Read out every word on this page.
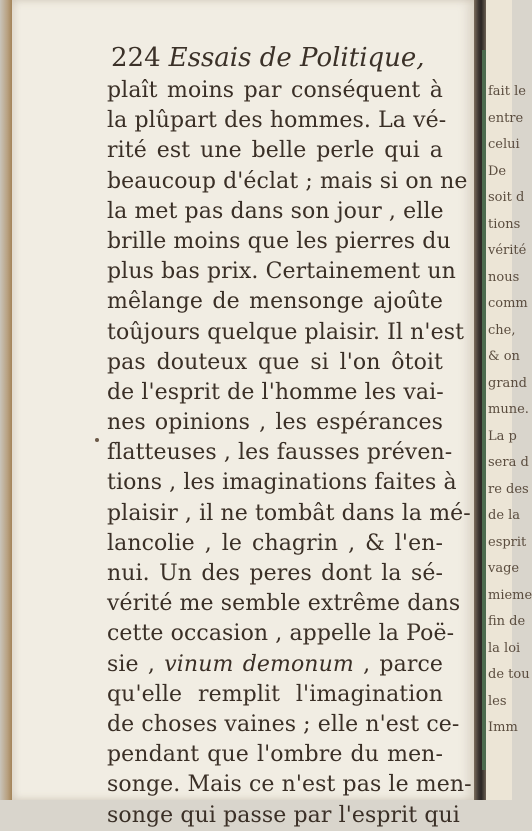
224 Essais de Politique,
plaît moins par conséquent à
la plûpart des hommes. La vé-
rité est une belle perle qui a
beaucoup d'éclat ; mais si on ne
la met pas dans son jour , elle
brille moins que les pierres du
plus bas prix. Certainement un
mêlange de mensonge ajoûte
toûjours quelque plaisir. Il n'est
pas douteux que si l'on ôtoit
de l'esprit de l'homme les vai-
nes opinions , les espérances
flatteuses , les fausses préven-
tions , les imaginations faites à
plaisir , il ne tombât dans la mé-
lancolie , le chagrin , & l'en-
nui. Un des peres dont la sé-
vérité me semble extrême dans
cette occasion , appelle la Poë-
sie , vinum demonum , parce
qu'elle remplit l'imagination
de choses vaines ; elle n'est ce-
pendant que l'ombre du men-
songe. Mais ce n'est pas le men-
songe qui passe par l'esprit qui
fait le
entre
celui
De
soit d
tions
vérité
nous
comm
che,
& on
grand
mune.
La p
sera d
re des
de la
esprit
vage
mieme
fin de
la loi
de tou
les
Imm
